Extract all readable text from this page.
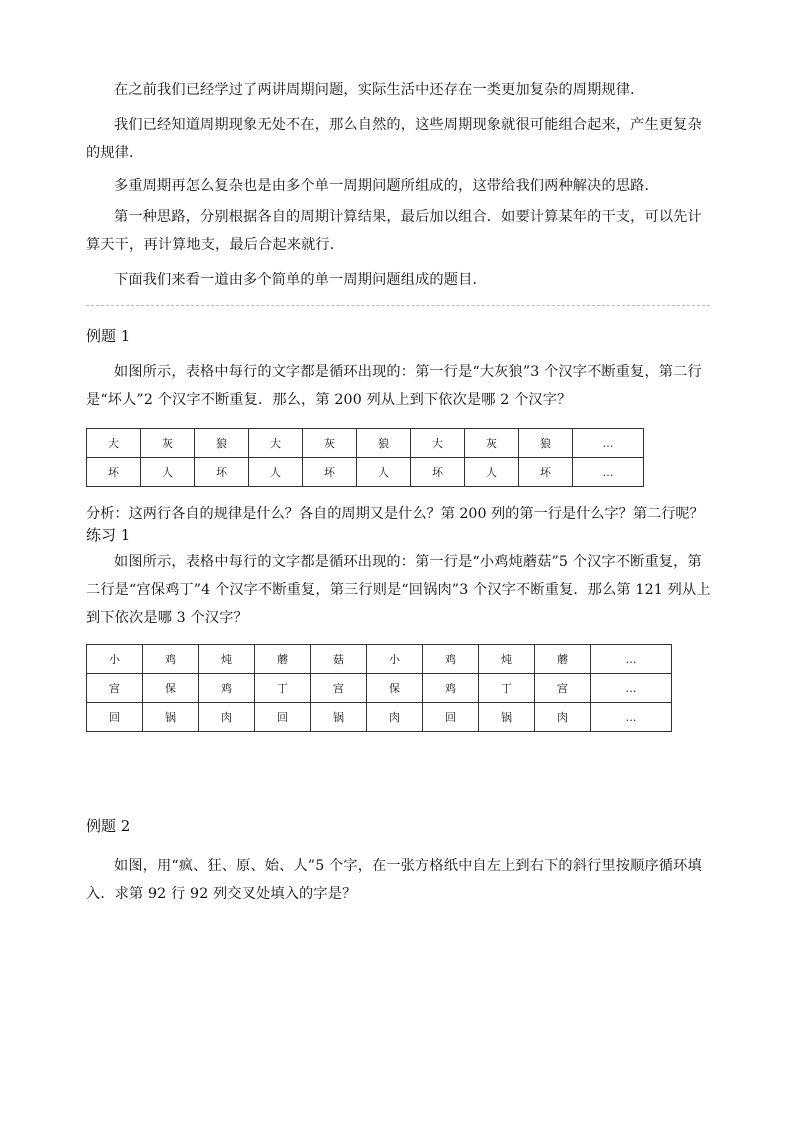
在之前我们已经学过了两讲周期问题，实际生活中还存在一类更加复杂的周期规律．

我们已经知道周期现象无处不在，那么自然的，这些周期现象就很可能组合起来，产生更复杂的规律．

多重周期再怎么复杂也是由多个单一周期问题所组成的，这带给我们两种解决的思路．

第一种思路，分别根据各自的周期计算结果，最后加以组合．如要计算某年的干支，可以先计算天干，再计算地支，最后合起来就行．

下面我们来看一道由多个简单的单一周期问题组成的题目．

例题 1

如图所示，表格中每行的文字都是循环出现的：第一行是“大灰狼”3 个汉字不断重复，第二行是“坏人”2 个汉字不断重复．那么，第 200 列从上到下依次是哪 2 个汉字？

大	灰	狼	大	灰	狼	大	灰	狼	…
坏	人	坏	人	坏	人	坏	人	坏	…

分析：这两行各自的规律是什么？各自的周期又是什么？第 200 列的第一行是什么字？第二行呢？

练习 1

如图所示，表格中每行的文字都是循环出现的：第一行是“小鸡炖蘑菇”5 个汉字不断重复，第二行是“宫保鸡丁”4 个汉字不断重复，第三行则是“回锅肉”3 个汉字不断重复．那么第 121 列从上到下依次是哪 3 个汉字？

小	鸡	炖	蘑	菇	小	鸡	炖	蘑	…
宫	保	鸡	丁	宫	保	鸡	丁	宫	…
回	锅	肉	回	锅	肉	回	锅	肉	…

例题 2

如图，用“疯、狂、原、始、人”5 个字，在一张方格纸中自左上到右下的斜行里按顺序循环填入．求第 92 行 92 列交叉处填入的字是？
